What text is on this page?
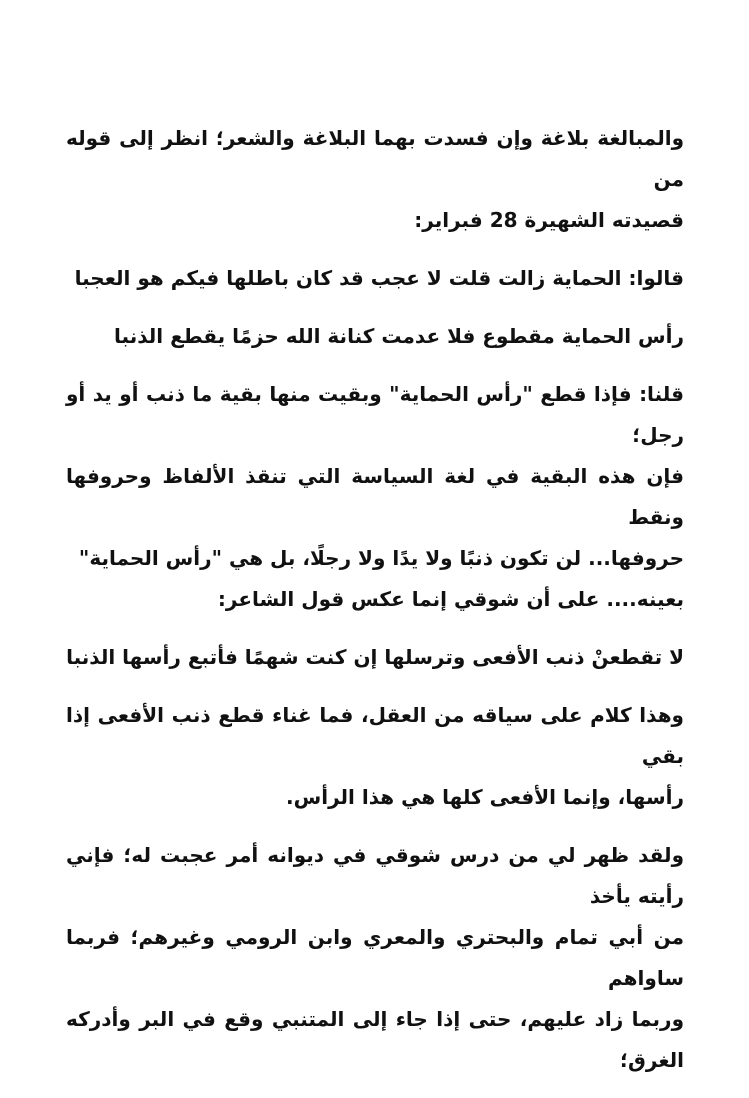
والمبالغة بلاغة وإن فسدت بهما البلاغة والشعر؛ انظر إلى قوله من
قصيدته الشهيرة 28 فبراير:

قالوا: الحماية زالت قلت لا عجب قد كان باطلها فيكم هو العجبا

رأس الحماية مقطوع فلا عدمت كنانة الله حزمًا يقطع الذنبا

قلنا: فإذا قطع "رأس الحماية" وبقيت منها بقية ما ذنب أو يد أو رجل؛
فإن هذه البقية في لغة السياسة التي تنقذ الألفاظ وحروفها ونقط
حروفها... لن تكون ذنبًا ولا يدًا ولا رجلًا، بل هي "رأس الحماية"
بعينه.... على أن شوقي إنما عكس قول الشاعر:

لا تقطعنْ ذنب الأفعى وترسلها إن كنت شهمًا فأتبع رأسها الذنبا

وهذا كلام على سياقه من العقل، فما غناء قطع ذنب الأفعى إذا بقي
رأسها، وإنما الأفعى كلها هي هذا الرأس.

ولقد ظهر لي من درس شوقي في ديوانه أمر عجبت له؛ فإني رأيته يأخذ
من أبي تمام والبحتري والمعري وابن الرومي وغيرهم؛ فربما ساواهم
وربما زاد عليهم، حتى إذا جاء إلى المتنبي وقع في البر وأدركه الغرق؛
